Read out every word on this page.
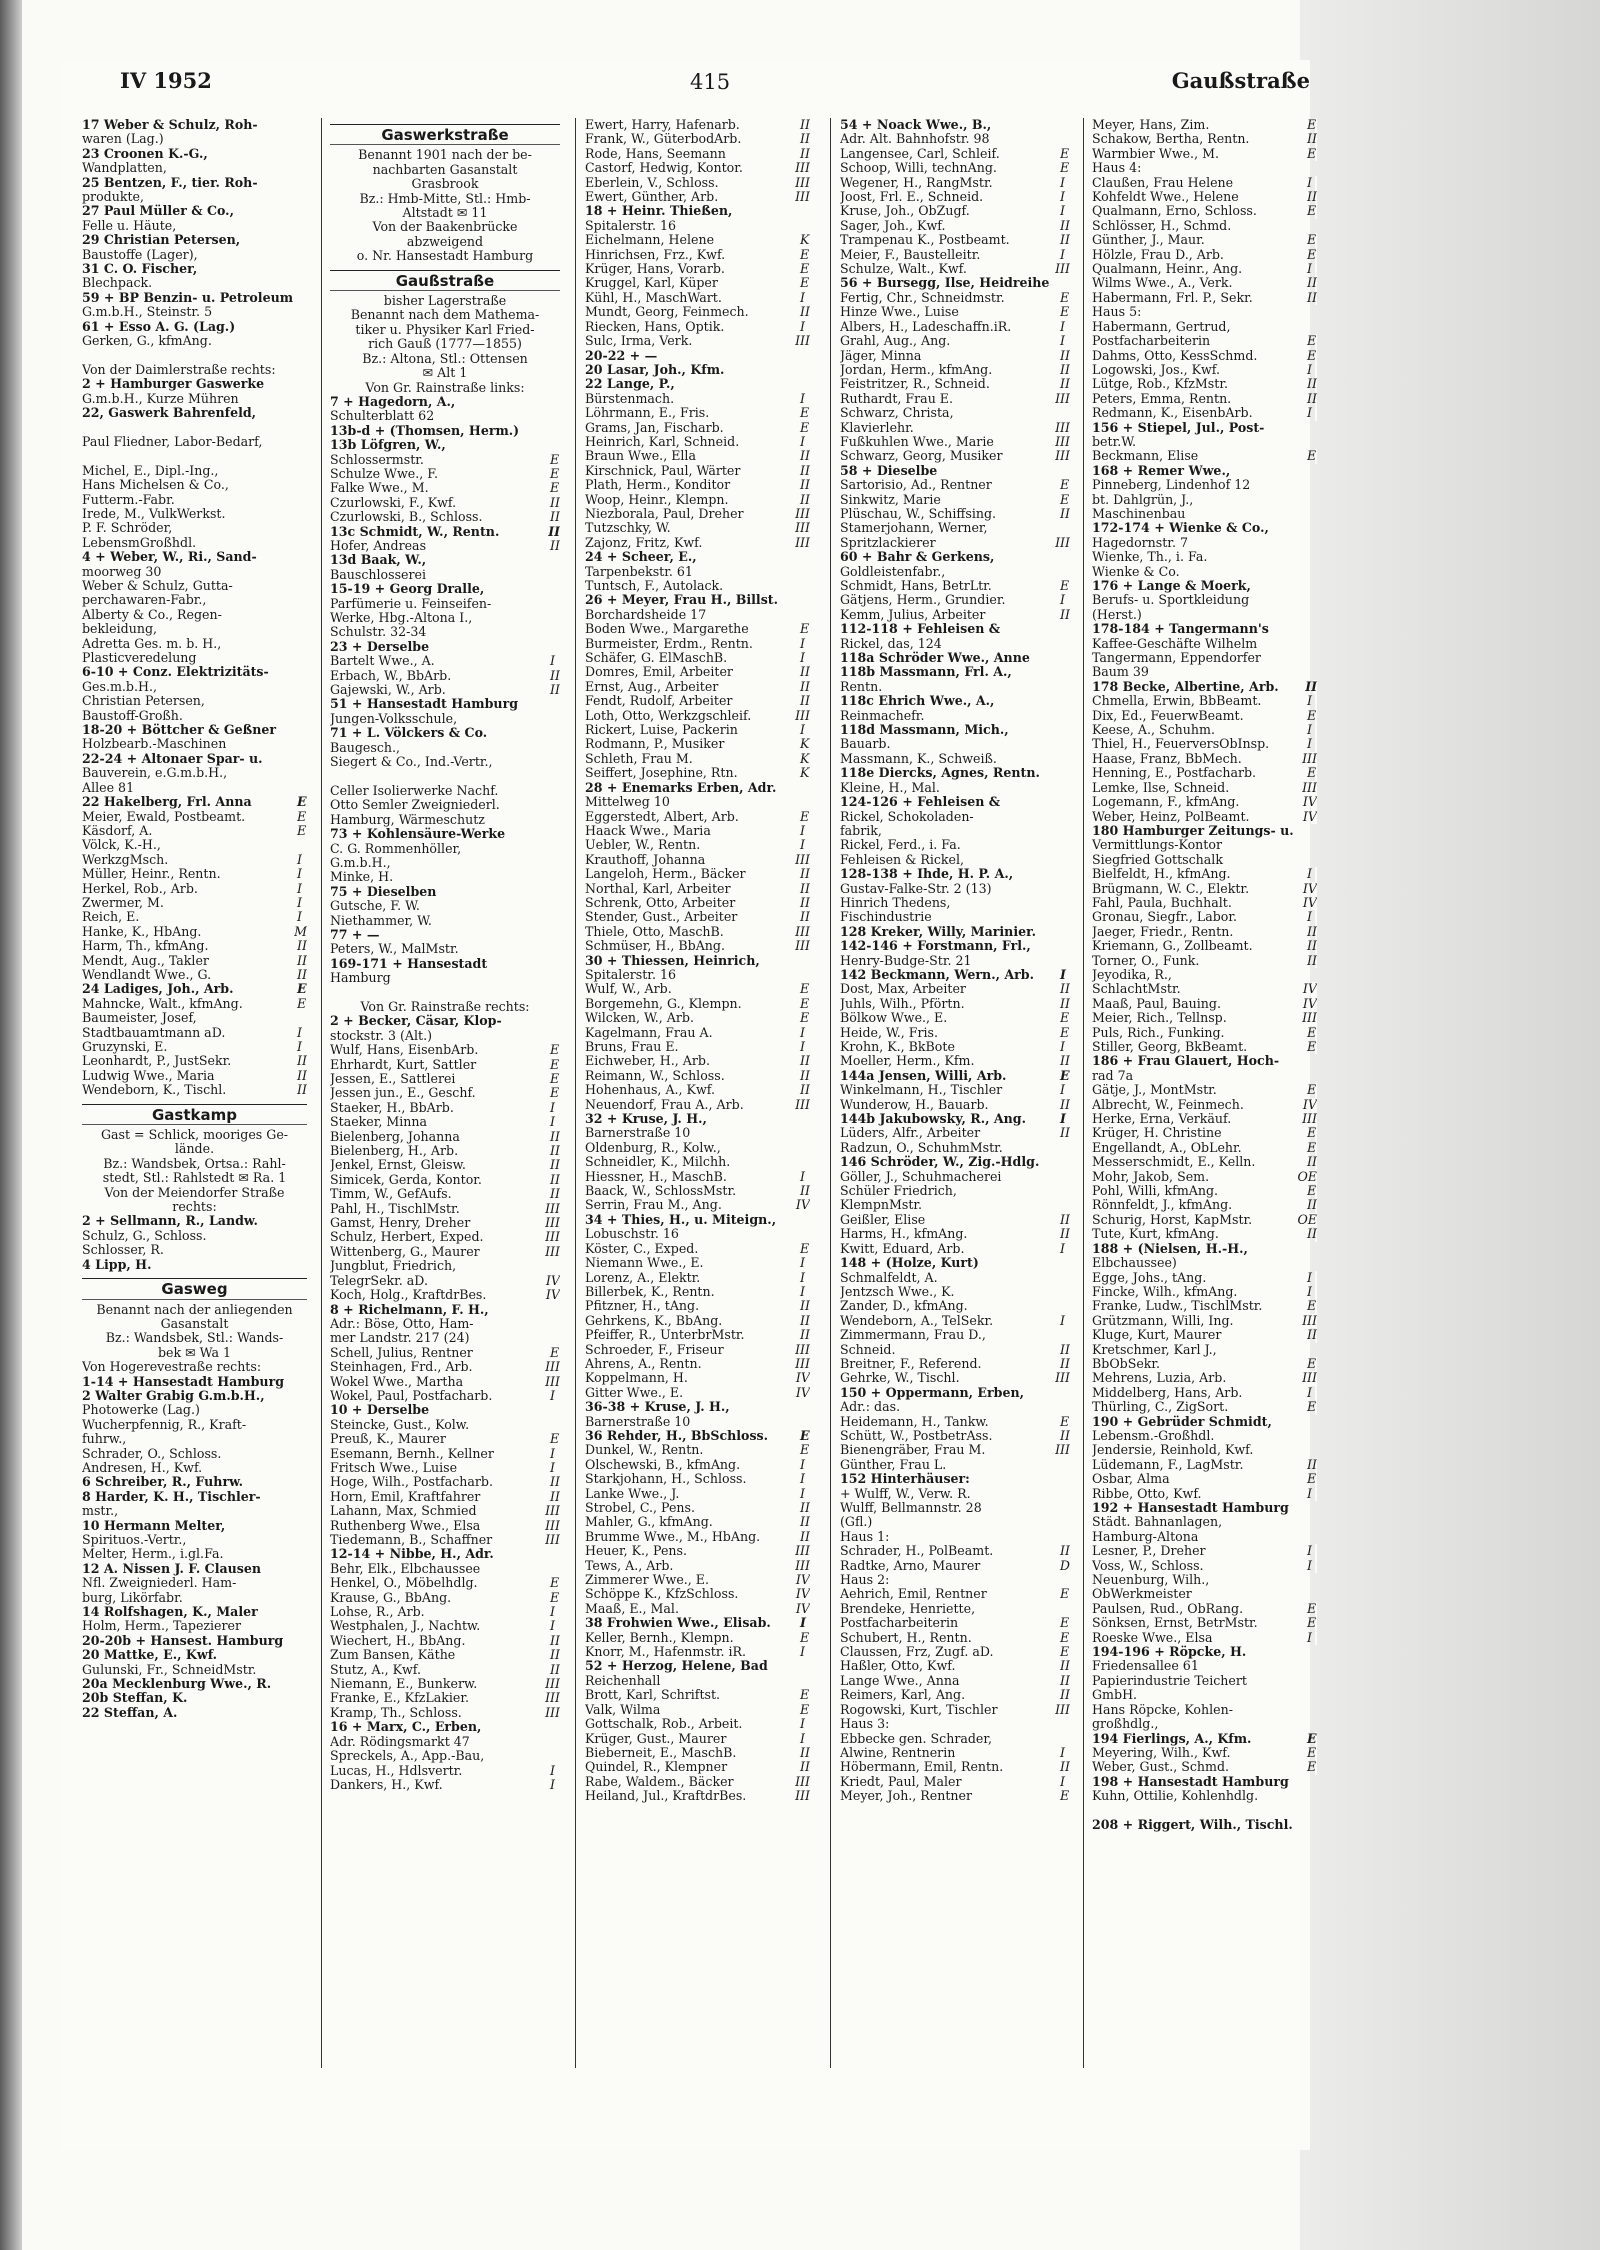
IV 1952	415	Gaußstraße
17 Weber & Schulz, Roh-
waren (Lag.)
23 Croonen K.-G.,
Wandplatten,
25 Bentzen, F., tier. Roh-
produkte,
27 Paul Müller & Co.,
Felle u. Häute,
29 Christian Petersen,
Baustoffe (Lager),
31 C. O. Fischer,
Blechpack.
59 + BP Benzin- u. Petroleum
G.m.b.H., Steinstr. 5
61 + Esso A. G. (Lag.)
Gerken, G., kfmAng.

Von der Daimlerstraße rechts:
2 + Hamburger Gaswerke
G.m.b.H., Kurze Mühren
22, Gaswerk Bahrenfeld,

Paul Fliedner, Labor-Bedarf,

Michel, E., Dipl.-Ing.,
Hans Michelsen & Co.,
Futterm.-Fabr.
Irede, M., VulkWerkst.
P. F. Schröder,
LebensmGroßhdl.
4 + Weber, W., Ri., Sand-
moorweg 30
Weber & Schulz, Gutta-
perchawaren-Fabr.,
Alberty & Co., Regen-
bekleidung,
Adretta Ges. m. b. H.,
Plasticveredelung
6-10 + Conz. Elektrizitäts-
Ges.m.b.H.,
Christian Petersen,
Baustoff-Großh.
18-20 + Böttcher & Geßner
Holzbearb.-Maschinen
22-24 + Altonaer Spar- u.
Bauverein, e.G.m.b.H.,
Allee 81
22 Hakelberg, Frl. Anna	E
Meier, Ewald, Postbeamt.	E
Käsdorf, A.	E
Völck, K.-H.,
WerkzgMsch.	I
Müller, Heinr., Rentn.	I
Herkel, Rob., Arb.	I
Zwermer, M.	I
Reich, E.	I
Hanke, K., HbAng.	M
Harm, Th., kfmAng.	II
Mendt, Aug., Takler	II
Wendlandt Wwe., G.	II
24 Ladiges, Joh., Arb.	E
Mahncke, Walt., kfmAng.	E
Baumeister, Josef,
Stadtbauamtmann aD.	I
Gruzynski, E.	I
Leonhardt, P., JustSekr.	II
Ludwig Wwe., Maria	II
Wendeborn, K., Tischl.	II
Gastkamp
Gast = Schlick, mooriges Ge-
lände.
Bz.: Wandsbek, Ortsa.: Rahl-
stedt, Stl.: Rahlstedt ✉ Ra. 1
Von der Meiendorfer Straße
rechts:
2 + Sellmann, R., Landw.
Schulz, G., Schloss.
Schlosser, R.
4 Lipp, H.
Gasweg
Benannt nach der anliegenden
Gasanstalt
Bz.: Wandsbek, Stl.: Wands-
bek ✉ Wa 1
Von Hogerevestraße rechts:
1-14 + Hansestadt Hamburg
2 Walter Grabig G.m.b.H.,
Photowerke (Lag.)
Wucherpfennig, R., Kraft-
fuhrw.,
Schrader, O., Schloss.
Andresen, H., Kwf.
6 Schreiber, R., Fuhrw.
8 Harder, K. H., Tischler-
mstr.,
10 Hermann Melter,
Spirituos.-Vertr.,
Melter, Herm., i.gl.Fa.
12 A. Nissen J. F. Clausen
Nfl. Zweigniederl. Ham-
burg, Likörfabr.
14 Rolfshagen, K., Maler
Holm, Herm., Tapezierer
20-20b + Hansest. Hamburg
20 Mattke, E., Kwf.
Gulunski, Fr., SchneidMstr.
20a Mecklenburg Wwe., R.
20b Steffan, K.
22 Steffan, A.
Gaswerkstraße
Benannt 1901 nach der be-
nachbarten Gasanstalt
Grasbrook
Bz.: Hmb-Mitte, Stl.: Hmb-
Altstadt ✉ 11
Von der Baakenbrücke
abzweigend
o. Nr. Hansestadt Hamburg
Gaußstraße
bisher Lagerstraße
Benannt nach dem Mathema-
tiker u. Physiker Karl Fried-
rich Gauß (1777—1855)
Bz.: Altona, Stl.: Ottensen
✉ Alt 1
Von Gr. Rainstraße links:
7 + Hagedorn, A.,
Schulterblatt 62
13b-d + (Thomsen, Herm.)
13b Löfgren, W.,
Schlossermstr.	E
Schulze Wwe., F.	E
Falke Wwe., M.	E
Czurlowski, F., Kwf.	II
Czurlowski, B., Schloss.	II
13c Schmidt, W., Rentn.	II
Hofer, Andreas	II
13d Baak, W.,
Bauschlosserei
15-19 + Georg Dralle,
Parfümerie u. Feinseifen-
Werke, Hbg.-Altona I.,
Schulstr. 32-34
23 + Derselbe
Bartelt Wwe., A.	I
Erbach, W., BbArb.	II
Gajewski, W., Arb.	II
51 + Hansestadt Hamburg
Jungen-Volksschule,
71 + L. Völckers & Co.
Baugesch.,
Siegert & Co., Ind.-Vertr.,

Celler Isolierwerke Nachf.
Otto Semler Zweigniederl.
Hamburg, Wärmeschutz
73 + Kohlensäure-Werke
C. G. Rommenhöller,
G.m.b.H.,
Minke, H.
75 + Dieselben
Gutsche, F. W.
Niethammer, W.
77 + —
Peters, W., MalMstr.
169-171 + Hansestadt
Hamburg

Von Gr. Rainstraße rechts:
2 + Becker, Cäsar, Klop-
stockstr. 3 (Alt.)
Wulf, Hans, EisenbArb.	E
Ehrhardt, Kurt, Sattler	E
Jessen, E., Sattlerei	E
Jessen jun., E., Geschf.	E
Staeker, H., BbArb.	I
Staeker, Minna	I
Bielenberg, Johanna	II
Bielenberg, H., Arb.	II
Jenkel, Ernst, Gleisw.	II
Simicek, Gerda, Kontor.	II
Timm, W., GefAufs.	II
Pahl, H., TischlMstr.	III
Gamst, Henry, Dreher	III
Schulz, Herbert, Exped.	III
Wittenberg, G., Maurer	III
Jungblut, Friedrich,
TelegrSekr. aD.	IV
Koch, Holg., KraftdrBes.	IV
8 + Richelmann, F. H.,
Adr.: Böse, Otto, Ham-
mer Landstr. 217 (24)
Schell, Julius, Rentner	E
Steinhagen, Frd., Arb.	III
Wokel Wwe., Martha	III
Wokel, Paul, Postfacharb.	I
10 + Derselbe
Steincke, Gust., Kolw.
Preuß, K., Maurer	E
Esemann, Bernh., Kellner	I
Fritsch Wwe., Luise	I
Hoge, Wilh., Postfacharb.	II
Horn, Emil, Kraftfahrer	II
Lahann, Max, Schmied	III
Ruthenberg Wwe., Elsa	III
Tiedemann, B., Schaffner	III
12-14 + Nibbe, H., Adr.
Behr, Elk., Elbchaussee
Henkel, O., Möbelhdlg.	E
Krause, G., BbAng.	E
Lohse, R., Arb.	I
Westphalen, J., Nachtw.	I
Wiechert, H., BbAng.	II
Zum Bansen, Käthe	II
Stutz, A., Kwf.	II
Niemann, E., Bunkerw.	III
Franke, E., KfzLakier.	III
Kramp, Th., Schloss.	III
16 + Marx, C., Erben,
Adr. Rödingsmarkt 47
Spreckels, A., App.-Bau,
Lucas, H., Hdlsvertr.	I
Dankers, H., Kwf.	I
Ewert, Harry, Hafenarb.	II
Frank, W., GüterbodArb.	II
Rode, Hans, Seemann	II
Castorf, Hedwig, Kontor.	III
Eberlein, V., Schloss.	III
Ewert, Günther, Arb.	III
18 + Heinr. Thießen,
Spitalerstr. 16
Eichelmann, Helene	K
Hinrichsen, Frz., Kwf.	E
Krüger, Hans, Vorarb.	E
Kruggel, Karl, Küper	E
Kühl, H., MaschWart.	I
Mundt, Georg, Feinmech.	II
Riecken, Hans, Optik.	I
Sulc, Irma, Verk.	III
20-22 + —
20 Lasar, Joh., Kfm.
22 Lange, P.,
Bürstenmach.	I
Löhrmann, E., Fris.	E
Grams, Jan, Fischarb.	E
Heinrich, Karl, Schneid.	I
Braun Wwe., Ella	II
Kirschnick, Paul, Wärter	II
Plath, Herm., Konditor	II
Woop, Heinr., Klempn.	II
Niezborala, Paul, Dreher	III
Tutzschky, W.	III
Zajonz, Fritz, Kwf.	III
24 + Scheer, E.,
Tarpenbekstr. 61
Tuntsch, F., Autolack.
26 + Meyer, Frau H., Billst.
Borchardsheide 17
Boden Wwe., Margarethe	E
Burmeister, Erdm., Rentn.	I
Schäfer, G. ElMaschB.	I
Domres, Emil, Arbeiter	II
Ernst, Aug., Arbeiter	II
Fendt, Rudolf, Arbeiter	II
Loth, Otto, Werkzgschleif.	III
Rickert, Luise, Packerin	I
Rodmann, P., Musiker	K
Schleth, Frau M.	K
Seiffert, Josephine, Rtn.	K
28 + Enemarks Erben, Adr.
Mittelweg 10
Eggerstedt, Albert, Arb.	E
Haack Wwe., Maria	I
Uebler, W., Rentn.	I
Krauthoff, Johanna	III
Langeloh, Herm., Bäcker	II
Northal, Karl, Arbeiter	II
Schrenk, Otto, Arbeiter	II
Stender, Gust., Arbeiter	II
Thiele, Otto, MaschB.	III
Schmüser, H., BbAng.	III
30 + Thiessen, Heinrich,
Spitalerstr. 16
Wulf, W., Arb.	E
Borgemehn, G., Klempn.	E
Wilcken, W., Arb.	E
Kagelmann, Frau A.	I
Bruns, Frau E.	I
Eichweber, H., Arb.	II
Reimann, W., Schloss.	II
Hohenhaus, A., Kwf.	II
Neuendorf, Frau A., Arb.	III
32 + Kruse, J. H.,
Barnerstraße 10
Oldenburg, R., Kolw.,
Schneidler, K., Milchh.
Hiessner, H., MaschB.	I
Baack, W., SchlossMstr.	II
Serrin, Frau M., Ang.	IV
34 + Thies, H., u. Miteign.,
Lobuschstr. 16
Köster, C., Exped.	E
Niemann Wwe., E.	I
Lorenz, A., Elektr.	I
Billerbek, K., Rentn.	I
Pfitzner, H., tAng.	II
Gehrkens, K., BbAng.	II
Pfeiffer, R., UnterbrMstr.	II
Schroeder, F., Friseur	III
Ahrens, A., Rentn.	III
Koppelmann, H.	IV
Gitter Wwe., E.	IV
36-38 + Kruse, J. H.,
Barnerstraße 10
36 Rehder, H., BbSchloss.	E
Dunkel, W., Rentn.	E
Olschewski, B., kfmAng.	I
Starkjohann, H., Schloss.	I
Lanke Wwe., J.	I
Strobel, C., Pens.	II
Mahler, G., kfmAng.	II
Brumme Wwe., M., HbAng.	II
Heuer, K., Pens.	III
Tews, A., Arb.	III
Zimmerer Wwe., E.	IV
Schöppe K., KfzSchloss.	IV
Maaß, E., Mal.	IV
38 Frohwien Wwe., Elisab. I
Keller, Bernh., Klempn.	E
Knorr, M., Hafenmstr. iR.	I
52 + Herzog, Helene, Bad
Reichenhall
Brott, Karl, Schriftst.	E
Valk, Wilma	E
Gottschalk, Rob., Arbeit.	I
Krüger, Gust., Maurer	I
Bieberneit, E., MaschB.	II
Quindel, R., Klempner	II
Rabe, Waldem., Bäcker	III
Heiland, Jul., KraftdrBes.	III
54 + Noack Wwe., B.,
Adr. Alt. Bahnhofstr. 98
Langensee, Carl, Schleif.	E
Schoop, Willi, technAng.	E
Wegener, H., RangMstr.	I
Joost, Frl. E., Schneid.	I
Kruse, Joh., ObZugf.	I
Sager, Joh., Kwf.	II
Trampenau K., Postbeamt.	II
Meier, F., Baustelleitr.	I
Schulze, Walt., Kwf.	III
56 + Bursegg, Ilse, Heidreihe
Fertig, Chr., Schneidmstr.	E
Hinze Wwe., Luise	E
Albers, H., Ladeschaffn.iR.	I
Grahl, Aug., Ang.	I
Jäger, Minna	II
Jordan, Herm., kfmAng.	II
Feistritzer, R., Schneid.	II
Ruthardt, Frau E.	III
Schwarz, Christa,
Klavierlehr.	III
Fußkuhlen Wwe., Marie	III
Schwarz, Georg, Musiker	III
58 + Dieselbe
Sartorisio, Ad., Rentner	E
Sinkwitz, Marie	E
Plüschau, W., Schiffsing.	II
Stamerjohann, Werner,
Spritzlackierer	III
60 + Bahr & Gerkens,
Goldleistenfabr.,
Schmidt, Hans, BetrLtr.	E
Gätjens, Herm., Grundier.	I
Kemm, Julius, Arbeiter	II
112-118 + Fehleisen &
Rickel, das, 124
118a Schröder Wwe., Anne
118b Massmann, Frl. A.,
Rentn.
118c Ehrich Wwe., A.,
Reinmachefr.
118d Massmann, Mich.,
Bauarb.
Massmann, K., Schweiß.
118e Diercks, Agnes, Rentn.
Kleine, H., Mal.
124-126 + Fehleisen &
Rickel, Schokoladen-
fabrik,
Rickel, Ferd., i. Fa.
Fehleisen & Rickel,
128-138 + Ihde, H. P. A.,
Gustav-Falke-Str. 2 (13)
Hinrich Thedens,
Fischindustrie
128 Kreker, Willy, Marinier.
142-146 + Forstmann, Frl.,
Henry-Budge-Str. 21
142 Beckmann, Wern., Arb. I
Dost, Max, Arbeiter	II
Juhls, Wilh., Pförtn.	II
Bölkow Wwe., E.	E
Heide, W., Fris.	E
Krohn, K., BkBote	I
Moeller, Herm., Kfm.	II
144a Jensen, Willi, Arb.	E
Winkelmann, H., Tischler	I
Wunderow, H., Bauarb.	II
144b Jakubowsky, R., Ang.	I
Lüders, Alfr., Arbeiter	II
Radzun, O., SchuhmMstr.
146 Schröder, W., Zig.-Hdlg.
Göller, J., Schuhmacherei
Schüler Friedrich,
KlempnMstr.
Geißler, Elise	II
Harms, H., kfmAng.	II
Kwitt, Eduard, Arb.	I
148 + (Holze, Kurt)
Schmalfeldt, A.
Jentzsch Wwe., K.
Zander, D., kfmAng.
Wendeborn, A., TelSekr.	I
Zimmermann, Frau D.,
Schneid.	II
Breitner, F., Referend.	II
Gehrke, W., Tischl.	III
150 + Oppermann, Erben,
Adr.: das.
Heidemann, H., Tankw.	E
Schütt, W., PostbetrAss.	II
Bienengräber, Frau M.	III
Günther, Frau L.
152 Hinterhäuser:
+ Wulff, W., Verw. R.
Wulff, Bellmannstr. 28
(Gfl.)
Haus 1:
Schrader, H., PolBeamt.	II
Radtke, Arno, Maurer	D
Haus 2:
Aehrich, Emil, Rentner	E
Brendeke, Henriette,
Postfacharbeiterin	E
Schubert, H., Rentn.	E
Claussen, Frz, Zugf. aD.	E
Haßler, Otto, Kwf.	II
Lange Wwe., Anna	II
Reimers, Karl, Ang.	II
Rogowski, Kurt, Tischler	III
Haus 3:
Ebbecke gen. Schrader,
Alwine, Rentnerin	I
Höbermann, Emil, Rentn.	II
Kriedt, Paul, Maler	I
Meyer, Joh., Rentner	E
Meyer, Hans, Zim.	E
Schakow, Bertha, Rentn.	II
Warmbier Wwe., M.	E
Haus 4:
Claußen, Frau Helene	I
Kohfeldt Wwe., Helene	II
Qualmann, Erno, Schloss.	E
Schlösser, H., Schmd.
Günther, J., Maur.	E
Hölzle, Frau D., Arb.	E
Qualmann, Heinr., Ang.	I
Wilms Wwe., A., Verk.	II
Habermann, Frl. P., Sekr.	II
Haus 5:
Habermann, Gertrud,
Postfacharbeiterin	E
Dahms, Otto, KessSchmd.	E
Logowski, Jos., Kwf.	I
Lütge, Rob., KfzMstr.	II
Peters, Emma, Rentn.	II
Redmann, K., EisenbArb.	I
156 + Stiepel, Jul., Post-
betr.W.
Beckmann, Elise	E
168 + Remer Wwe.,
Pinneberg, Lindenhof 12
bt. Dahlgrün, J.,
Maschinenbau
172-174 + Wienke & Co.,
Hagedornstr. 7
Wienke, Th., i. Fa.
Wienke & Co.
176 + Lange & Moerk,
Berufs- u. Sportkleidung
(Herst.)
178-184 + Tangermann's
Kaffee-Geschäfte Wilhelm
Tangermann, Eppendorfer
Baum 39
178 Becke, Albertine, Arb. II
Chmella, Erwin, BbBeamt.	I
Dix, Ed., FeuerwBeamt.	E
Keese, A., Schuhm.	I
Thiel, H., FeuerversObInsp.	I
Haase, Franz, BbMech.	III
Henning, E., Postfacharb.	E
Lemke, Ilse, Schneid.	III
Logemann, F., kfmAng.	IV
Weber, Heinz, PolBeamt.	IV
180 Hamburger Zeitungs- u.
Vermittlungs-Kontor
Siegfried Gottschalk
Bielfeldt, H., kfmAng.	I
Brügmann, W. C., Elektr.	IV
Fahl, Paula, Buchhalt.	IV
Gronau, Siegfr., Labor.	I
Jaeger, Friedr., Rentn.	II
Kriemann, G., Zollbeamt.	II
Torner, O., Funk.	II
Jeyodika, R.,
SchlachtMstr.	IV
Maaß, Paul, Bauing.	IV
Meier, Rich., Tellnsp.	III
Puls, Rich., Funking.	E
Stiller, Georg, BkBeamt.	E
186 + Frau Glauert, Hoch-
rad 7a
Gätje, J., MontMstr.	E
Albrecht, W., Feinmech.	IV
Herke, Erna, Verkäuf.	III
Krüger, H. Christine	E
Engellandt, A., ObLehr.	E
Messerschmidt, E., Kelln.	II
Mohr, Jakob, Sem.	OE
Pohl, Willi, kfmAng.	E
Rönnfeldt, J., kfmAng.	II
Schurig, Horst, KapMstr.	OE
Tute, Kurt, kfmAng.	II
188 + (Nielsen, H.-H.,
Elbchaussee)
Egge, Johs., tAng.	I
Fincke, Wilh., kfmAng.	I
Franke, Ludw., TischlMstr.	E
Grützmann, Willi, Ing.	III
Kluge, Kurt, Maurer	II
Kretschmer, Karl J.,
BbObSekr.	E
Mehrens, Luzia, Arb.	III
Middelberg, Hans, Arb.	I
Thürling, C., ZigSort.	E
190 + Gebrüder Schmidt,
Lebensm.-Großhdl.
Jendersie, Reinhold, Kwf.
Lüdemann, F., LagMstr.	II
Osbar, Alma	E
Ribbe, Otto, Kwf.	I
192 + Hansestadt Hamburg
Städt. Bahnanlagen,
Hamburg-Altona
Lesner, P., Dreher	I
Voss, W., Schloss.	I
Neuenburg, Wilh.,
ObWerkmeister
Paulsen, Rud., ObRang.	E
Sönksen, Ernst, BetrMstr.	E
Roeske Wwe., Elsa	I
194-196 + Röpcke, H.
Friedensallee 61
Papierindustrie Teichert
GmbH.
Hans Röpcke, Kohlen-
großhdlg.,
194 Fierlings, A., Kfm.	E
Meyering, Wilh., Kwf.	E
Weber, Gust., Schmd.	E
198 + Hansestadt Hamburg
Kuhn, Ottilie, Kohlenhdlg.

208 + Riggert, Wilh., Tischl.
